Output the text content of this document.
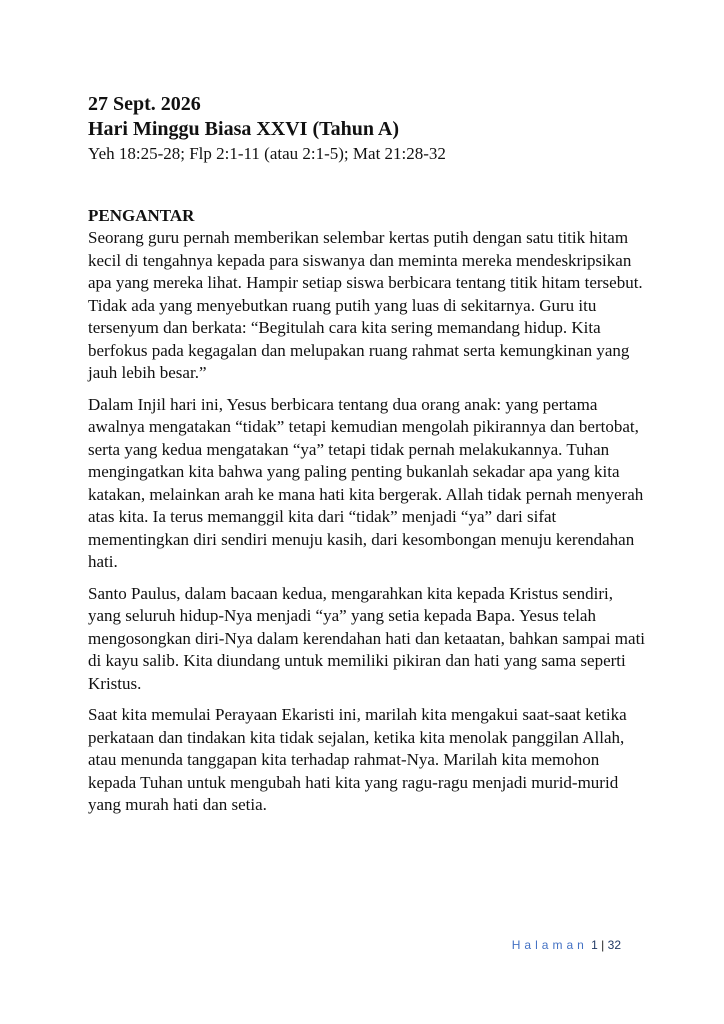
27 Sept. 2026

Hari Minggu Biasa XXVI (Tahun A)

Yeh 18:25-28; Flp 2:1-11 (atau 2:1-5); Mat 21:28-32

PENGANTAR

Seorang guru pernah memberikan selembar kertas putih dengan satu titik hitam kecil di tengahnya kepada para siswanya dan meminta mereka mendeskripsikan apa yang mereka lihat. Hampir setiap siswa berbicara tentang titik hitam tersebut. Tidak ada yang menyebutkan ruang putih yang luas di sekitarnya. Guru itu tersenyum dan berkata: “Begitulah cara kita sering memandang hidup. Kita berfokus pada kegagalan dan melupakan ruang rahmat serta kemungkinan yang jauh lebih besar.”

Dalam Injil hari ini, Yesus berbicara tentang dua orang anak: yang pertama awalnya mengatakan “tidak” tetapi kemudian mengolah pikirannya dan bertobat, serta yang kedua mengatakan “ya” tetapi tidak pernah melakukannya. Tuhan mengingatkan kita bahwa yang paling penting bukanlah sekadar apa yang kita katakan, melainkan arah ke mana hati kita bergerak. Allah tidak pernah menyerah atas kita. Ia terus memanggil kita dari “tidak” menjadi “ya” dari sifat mementingkan diri sendiri menuju kasih, dari kesombongan menuju kerendahan hati.

Santo Paulus, dalam bacaan kedua, mengarahkan kita kepada Kristus sendiri, yang seluruh hidup-Nya menjadi “ya” yang setia kepada Bapa. Yesus telah mengosongkan diri-Nya dalam kerendahan hati dan ketaatan, bahkan sampai mati di kayu salib. Kita diundang untuk memiliki pikiran dan hati yang sama seperti Kristus.

Saat kita memulai Perayaan Ekaristi ini, marilah kita mengakui saat-saat ketika perkataan dan tindakan kita tidak sejalan, ketika kita menolak panggilan Allah, atau menunda tanggapan kita terhadap rahmat-Nya. Marilah kita memohon kepada Tuhan untuk mengubah hati kita yang ragu-ragu menjadi murid-murid yang murah hati dan setia.

Halaman 1 | 32
